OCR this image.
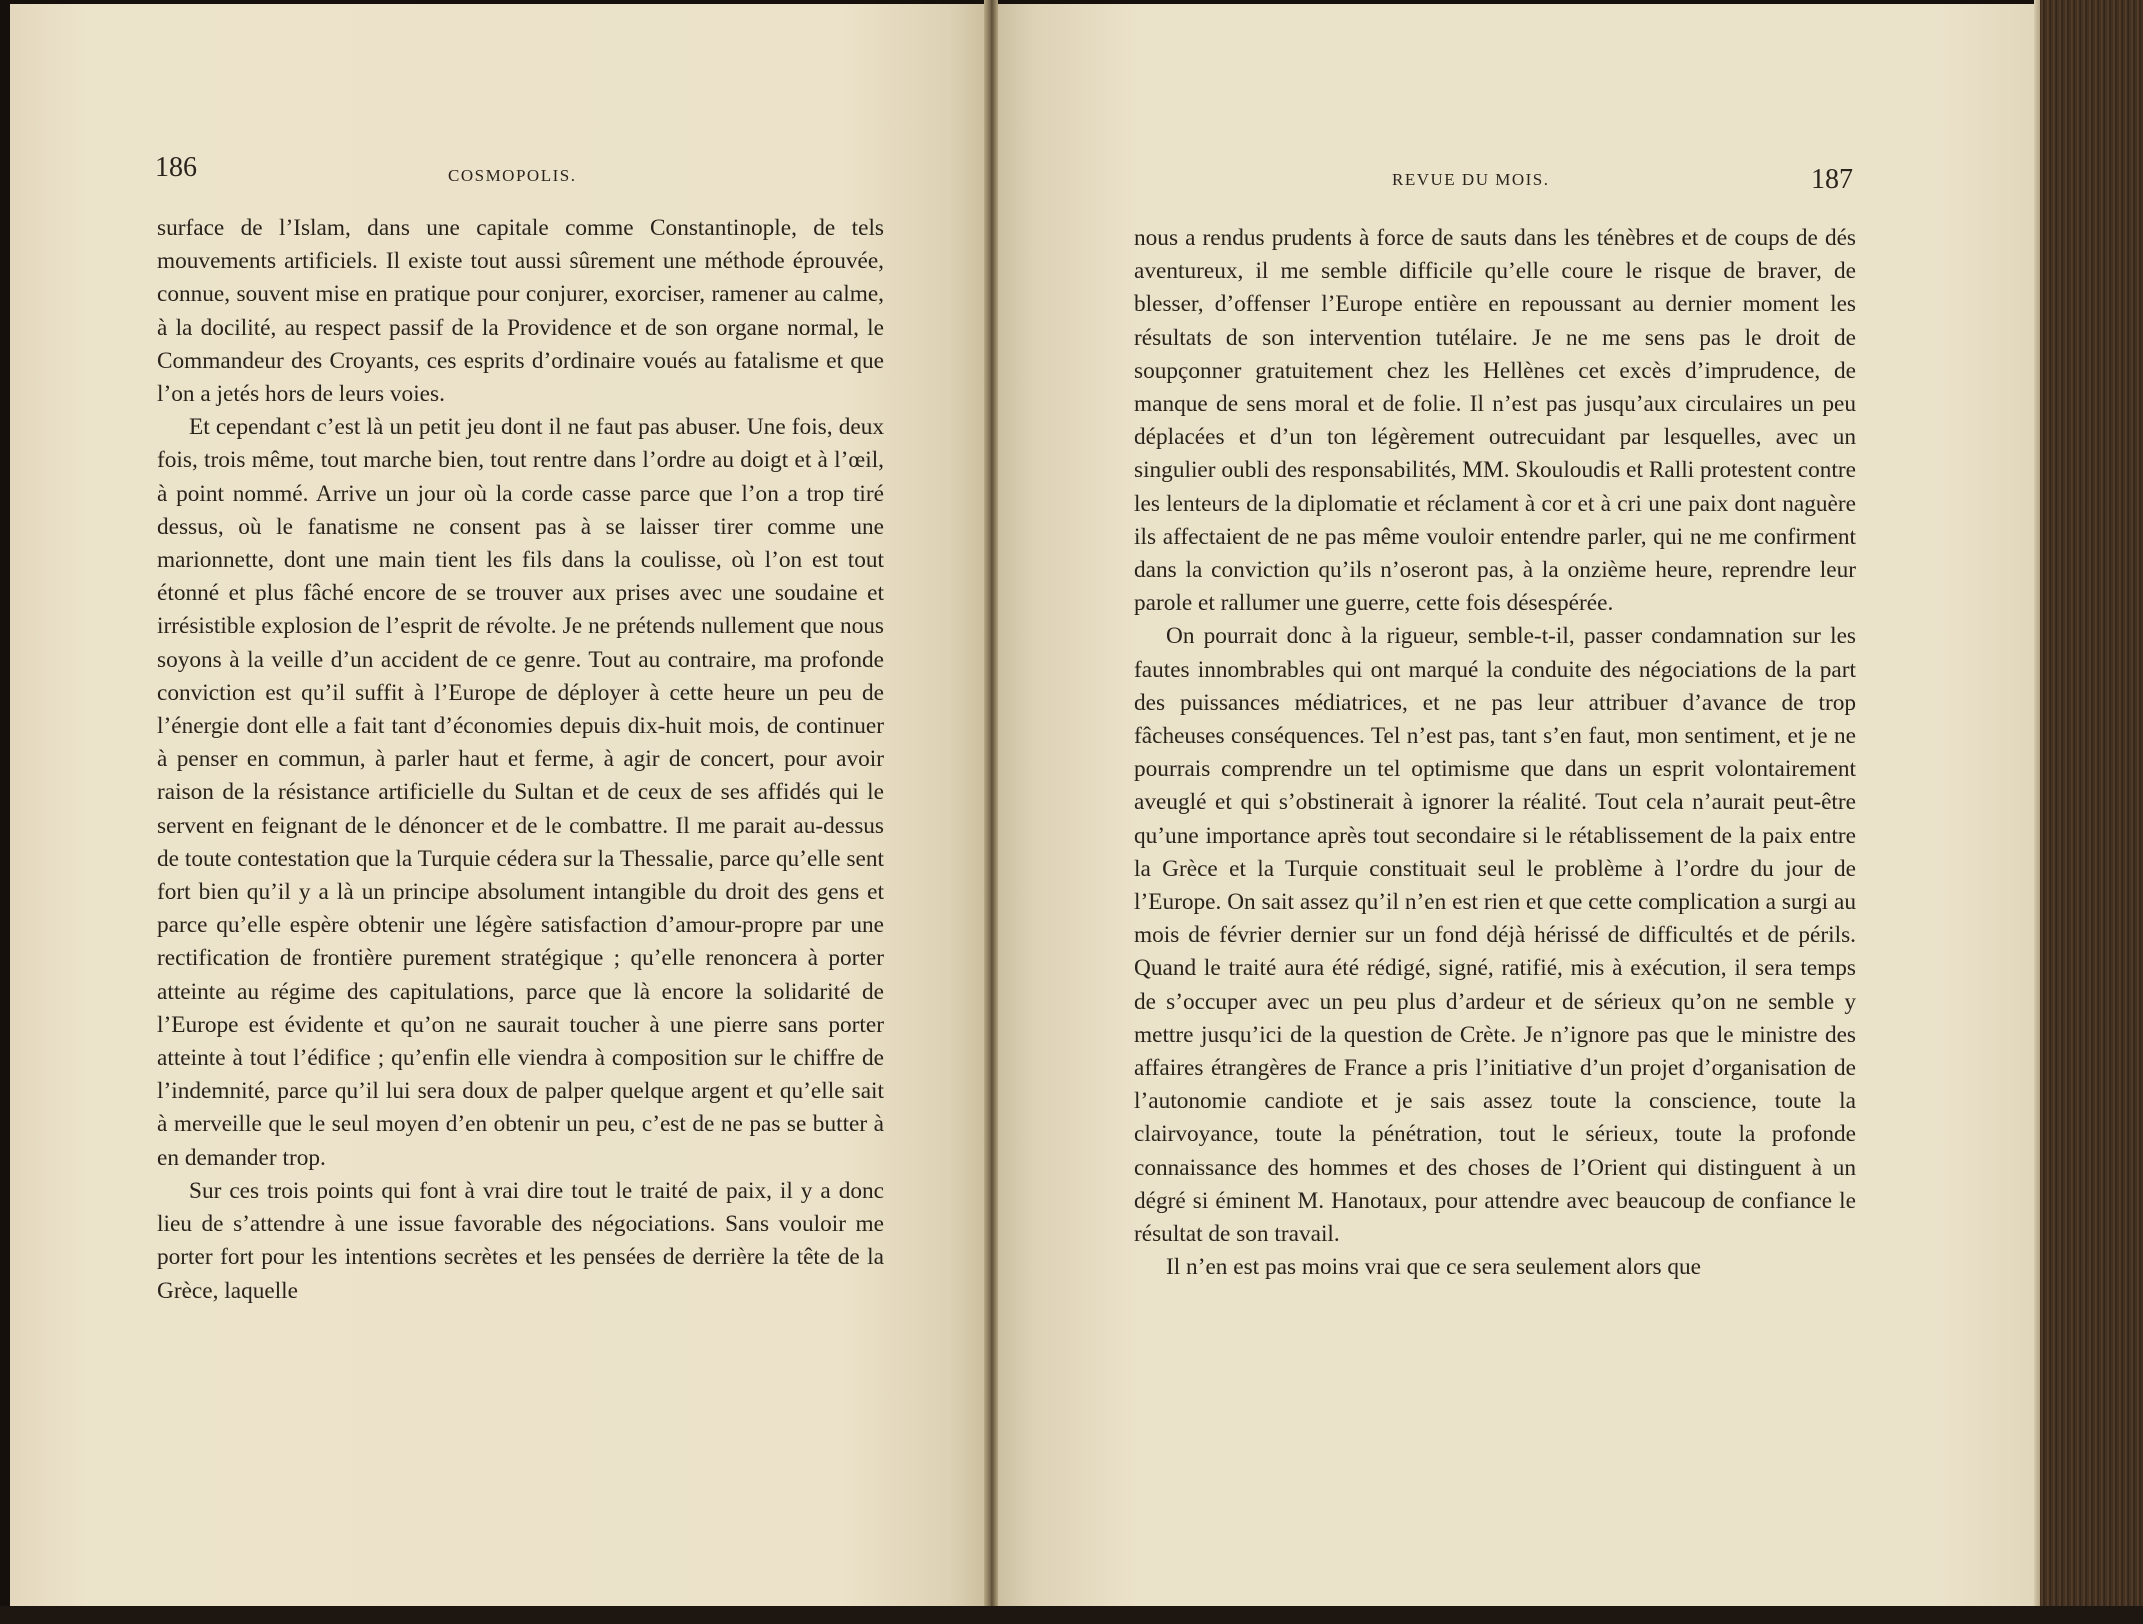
186	COSMOPOLIS.

surface de l’Islam, dans une capitale comme Constantinople, de tels mouvements artificiels. Il existe tout aussi sûrement une méthode éprouvée, connue, souvent mise en pratique pour conjurer, exorciser, ramener au calme, à la docilité, au respect passif de la Providence et de son organe normal, le Commandeur des Croyants, ces esprits d’ordinaire voués au fatalisme et que l’on a jetés hors de leurs voies.

Et cependant c’est là un petit jeu dont il ne faut pas abuser. Une fois, deux fois, trois même, tout marche bien, tout rentre dans l’ordre au doigt et à l’œil, à point nommé. Arrive un jour où la corde casse parce que l’on a trop tiré dessus, où le fanatisme ne consent pas à se laisser tirer comme une marionnette, dont une main tient les fils dans la coulisse, où l’on est tout étonné et plus fâché encore de se trouver aux prises avec une soudaine et irrésistible explosion de l’esprit de révolte. Je ne prétends nullement que nous soyons à la veille d’un accident de ce genre. Tout au contraire, ma profonde conviction est qu’il suffit à l’Europe de déployer à cette heure un peu de l’énergie dont elle a fait tant d’économies depuis dix-huit mois, de continuer à penser en commun, à parler haut et ferme, à agir de concert, pour avoir raison de la résistance artificielle du Sultan et de ceux de ses affidés qui le servent en feignant de le dénoncer et de le combattre. Il me parait au-dessus de toute contestation que la Turquie cédera sur la Thessalie, parce qu’elle sent fort bien qu’il y a là un principe absolument intangible du droit des gens et parce qu’elle espère obtenir une légère satisfaction d’amour-propre par une rectification de frontière purement stratégique ; qu’elle renoncera à porter atteinte au régime des capitulations, parce que là encore la solidarité de l’Europe est évidente et qu’on ne saurait toucher à une pierre sans porter atteinte à tout l’édifice ; qu’enfin elle viendra à composition sur le chiffre de l’indemnité, parce qu’il lui sera doux de palper quelque argent et qu’elle sait à merveille que le seul moyen d’en obtenir un peu, c’est de ne pas se butter à en demander trop.

Sur ces trois points qui font à vrai dire tout le traité de paix, il y a donc lieu de s’attendre à une issue favorable des négociations. Sans vouloir me porter fort pour les intentions secrètes et les pensées de derrière la tête de la Grèce, laquelle

REVUE DU MOIS.	187

nous a rendus prudents à force de sauts dans les ténèbres et de coups de dés aventureux, il me semble difficile qu’elle coure le risque de braver, de blesser, d’offenser l’Europe entière en repoussant au dernier moment les résultats de son intervention tutélaire. Je ne me sens pas le droit de soupçonner gratuitement chez les Hellènes cet excès d’imprudence, de manque de sens moral et de folie. Il n’est pas jusqu’aux circulaires un peu déplacées et d’un ton légèrement outrecuidant par lesquelles, avec un singulier oubli des responsabilités, MM. Skouloudis et Ralli protestent contre les lenteurs de la diplomatie et réclament à cor et à cri une paix dont naguère ils affectaient de ne pas même vouloir entendre parler, qui ne me confirment dans la conviction qu’ils n’oseront pas, à la onzième heure, reprendre leur parole et rallumer une guerre, cette fois désespérée.

On pourrait donc à la rigueur, semble-t-il, passer condamnation sur les fautes innombrables qui ont marqué la conduite des négociations de la part des puissances médiatrices, et ne pas leur attribuer d’avance de trop fâcheuses conséquences. Tel n’est pas, tant s’en faut, mon sentiment, et je ne pourrais comprendre un tel optimisme que dans un esprit volontairement aveuglé et qui s’obstinerait à ignorer la réalité. Tout cela n’aurait peut-être qu’une importance après tout secondaire si le rétablissement de la paix entre la Grèce et la Turquie constituait seul le problème à l’ordre du jour de l’Europe. On sait assez qu’il n’en est rien et que cette complication a surgi au mois de février dernier sur un fond déjà hérissé de difficultés et de périls. Quand le traité aura été rédigé, signé, ratifié, mis à exécution, il sera temps de s’occuper avec un peu plus d’ardeur et de sérieux qu’on ne semble y mettre jusqu’ici de la question de Crète. Je n’ignore pas que le ministre des affaires étrangères de France a pris l’initiative d’un projet d’organisation de l’autonomie candiote et je sais assez toute la conscience, toute la clairvoyance, toute la pénétration, tout le sérieux, toute la profonde connaissance des hommes et des choses de l’Orient qui distinguent à un dégré si éminent M. Hanotaux, pour attendre avec beaucoup de confiance le résultat de son travail.

Il n’en est pas moins vrai que ce sera seulement alors que
